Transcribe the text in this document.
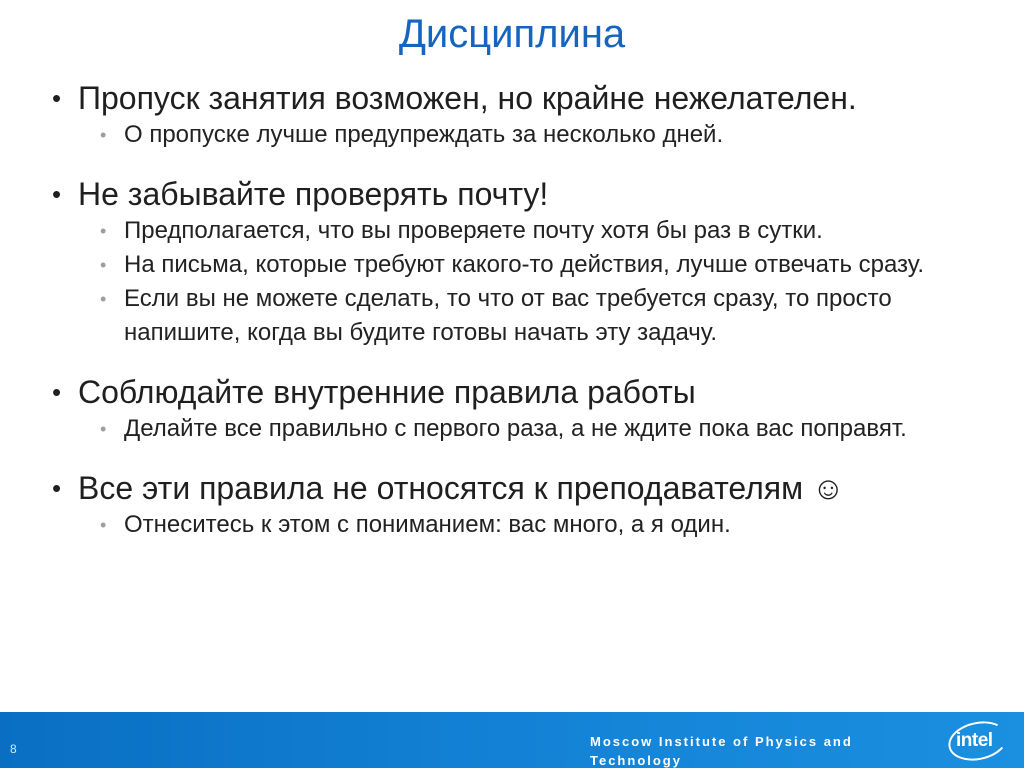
Дисциплина
• Пропуск занятия возможен, но крайне нежелателен.
• О пропуске лучше предупреждать за несколько дней.
• Не забывайте проверять почту!
• Предполагается, что вы проверяете почту хотя бы раз в сутки.
• На письма, которые требуют какого-то действия, лучше отвечать сразу.
• Если вы не можете сделать, то что от вас требуется сразу, то просто напишите, когда вы будите готовы начать эту задачу.
• Соблюдайте внутренние правила работы
• Делайте все правильно с первого раза, а не ждите пока вас поправят.
• Все эти правила не относятся к преподавателям ☺
• Отнеситесь к этом с пониманием: вас много, а я один.
8	Moscow Institute of Physics and Technology
intel
